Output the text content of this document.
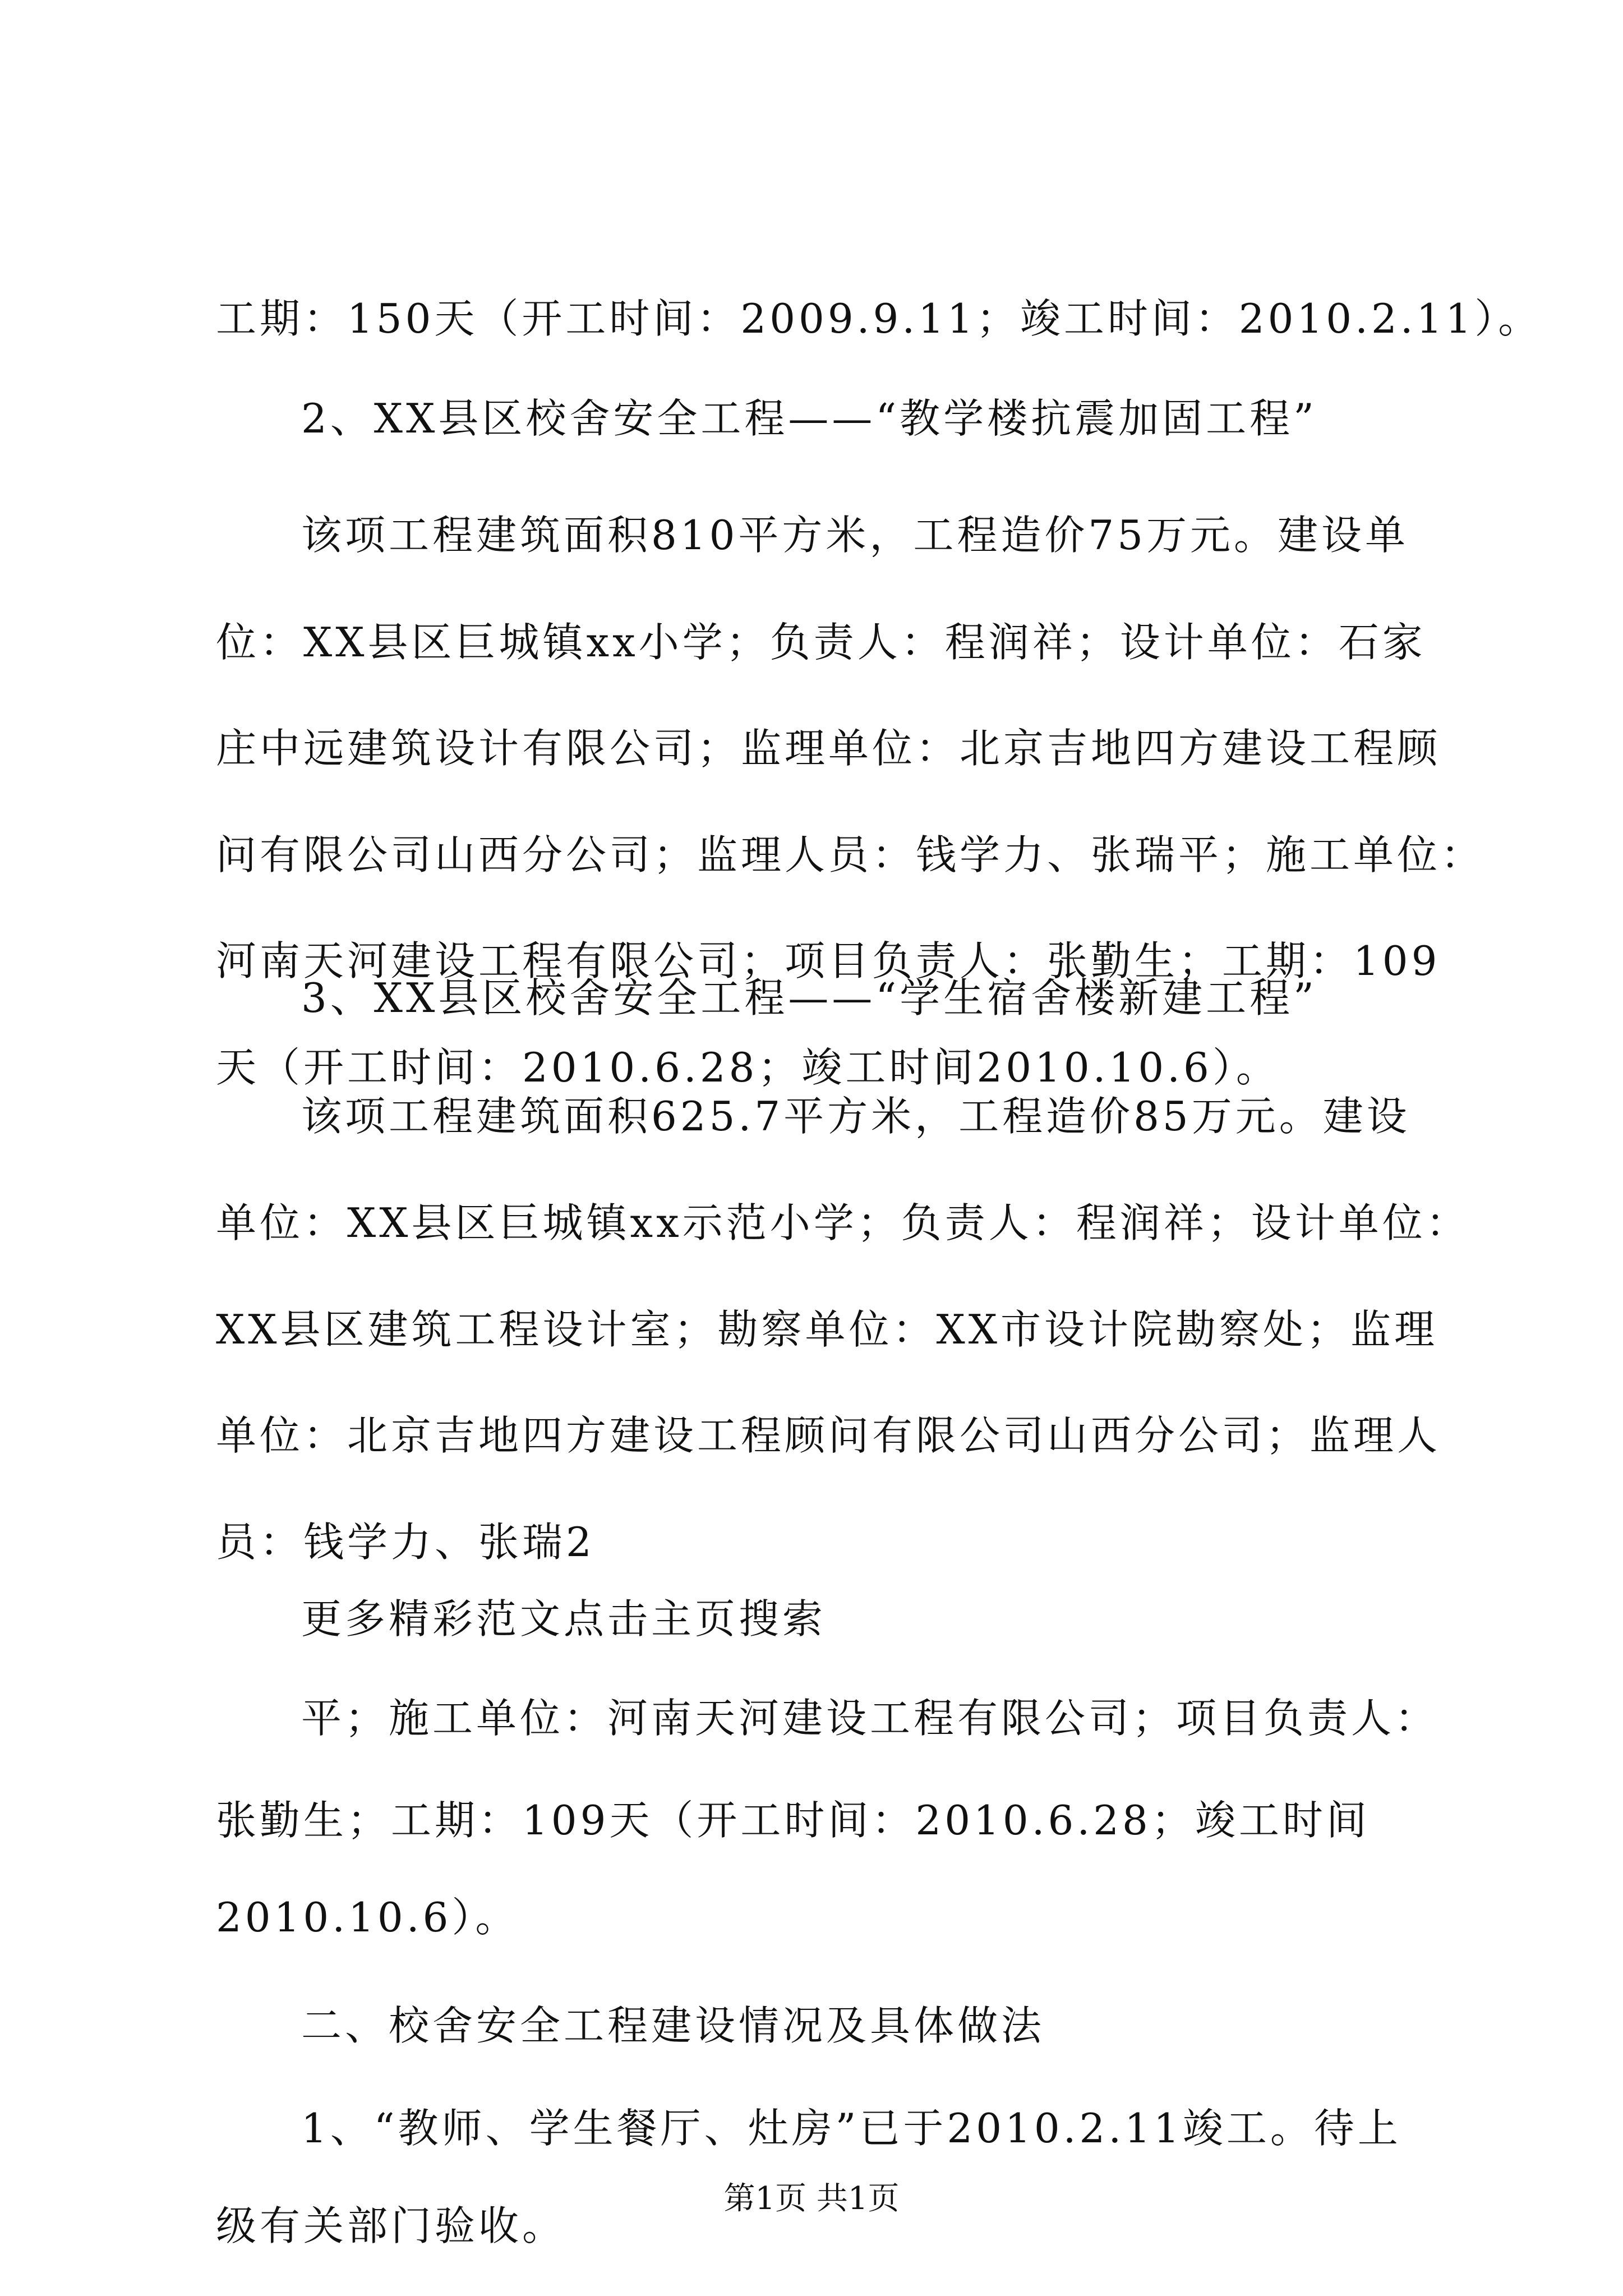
工期：150天（开工时间：2009.9.11；竣工时间：2010.2.11）。
2、XX县区校舍安全工程——“教学楼抗震加固工程”
该项工程建筑面积810平方米，工程造价75万元。建设单
位：XX县区巨城镇xx小学；负责人：程润祥；设计单位：石家
庄中远建筑设计有限公司；监理单位：北京吉地四方建设工程顾
问有限公司山西分公司；监理人员：钱学力、张瑞平；施工单位：
河南天河建设工程有限公司；项目负责人：张勤生；工期：109
天（开工时间：2010.6.28；竣工时间2010.10.6）。
3、XX县区校舍安全工程——“学生宿舍楼新建工程”
该项工程建筑面积625.7平方米，工程造价85万元。建设
单位：XX县区巨城镇xx示范小学；负责人：程润祥；设计单位：
XX县区建筑工程设计室；勘察单位：XX市设计院勘察处；监理
单位：北京吉地四方建设工程顾问有限公司山西分公司；监理人
员：钱学力、张瑞2
更多精彩范文点击主页搜索
平；施工单位：河南天河建设工程有限公司；项目负责人：
张勤生；工期：109天（开工时间：2010.6.28；竣工时间
2010.10.6）。
二、校舍安全工程建设情况及具体做法
1、“教师、学生餐厅、灶房”已于2010.2.11竣工。待上
级有关部门验收。
第1页 共1页
